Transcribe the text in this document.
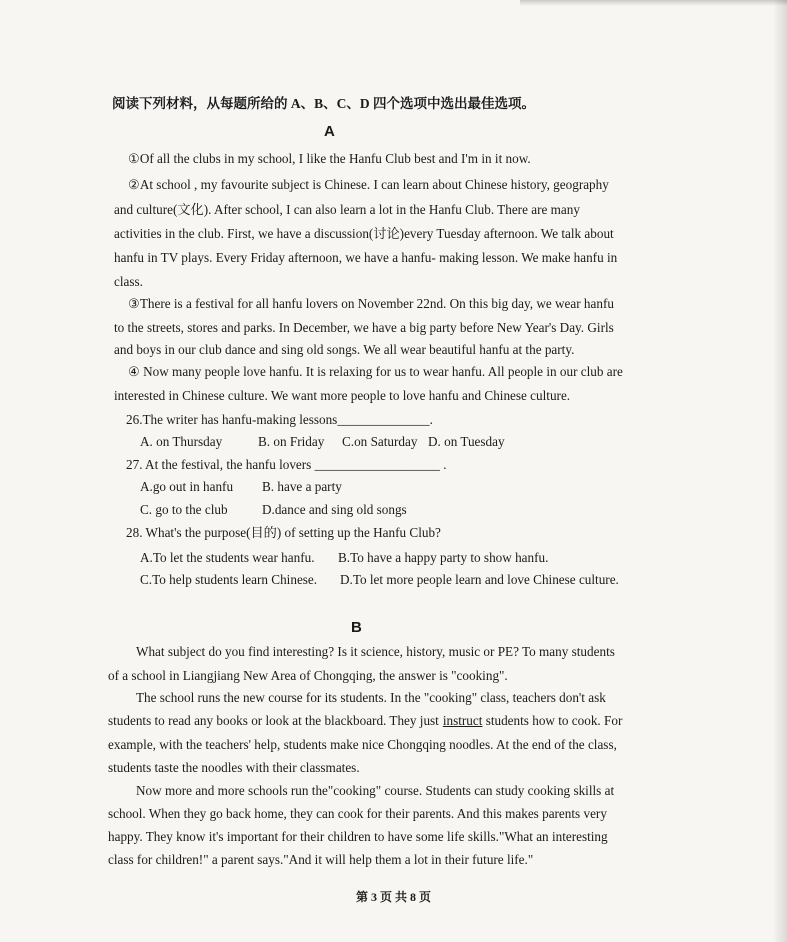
阅读下列材料，从每题所给的 A、B、C、D 四个选项中选出最佳选项。
A
①Of all the clubs in my school, I like the Hanfu Club best and I'm in it now.
②At school , my favourite subject is Chinese. I can learn about Chinese history, geography
and culture(文化). After school, I can also learn a lot in the Hanfu Club. There are many
activities in the club. First, we have a discussion(讨论)every Tuesday afternoon. We talk about
hanfu in TV plays. Every Friday afternoon, we have a hanfu- making lesson. We make hanfu in
class.
③There is a festival for all hanfu lovers on November 22nd. On this big day, we wear hanfu
to the streets, stores and parks. In December, we have a big party before New Year's Day. Girls
and boys in our club dance and sing old songs. We all wear beautiful hanfu at the party.
④ Now many people love hanfu. It is relaxing for us to wear hanfu. All people in our club are
interested in Chinese culture. We want more people to love hanfu and Chinese culture.
26.The writer has hanfu-making lessons______________.
A. on Thursday	B. on Friday C.on Saturday D. on Tuesday
27. At the festival, the hanfu lovers ___________________ .
A.go out in hanfu B. have a party
C. go to the club	D.dance and sing old songs
28. What's the purpose(目的) of setting up the Hanfu Club?
A.To let the students wear hanfu. B.To have a happy party to show hanfu.
C.To help students learn Chinese. D.To let more people learn and love Chinese culture.
B
What subject do you find interesting? Is it science, history, music or PE? To many students
of a school in Liangjiang New Area of Chongqing, the answer is "cooking".
The school runs the new course for its students. In the "cooking" class, teachers don't ask
students to read any books or look at the blackboard. They just instruct students how to cook. For
example, with the teachers' help, students make nice Chongqing noodles. At the end of the class,
students taste the noodles with their classmates.
Now more and more schools run the"cooking" course. Students can study cooking skills at
school. When they go back home, they can cook for their parents. And this makes parents very
happy. They know it's important for their children to have some life skills."What an interesting
class for children!" a parent says."And it will help them a lot in their future life."
第 3 页 共 8 页
